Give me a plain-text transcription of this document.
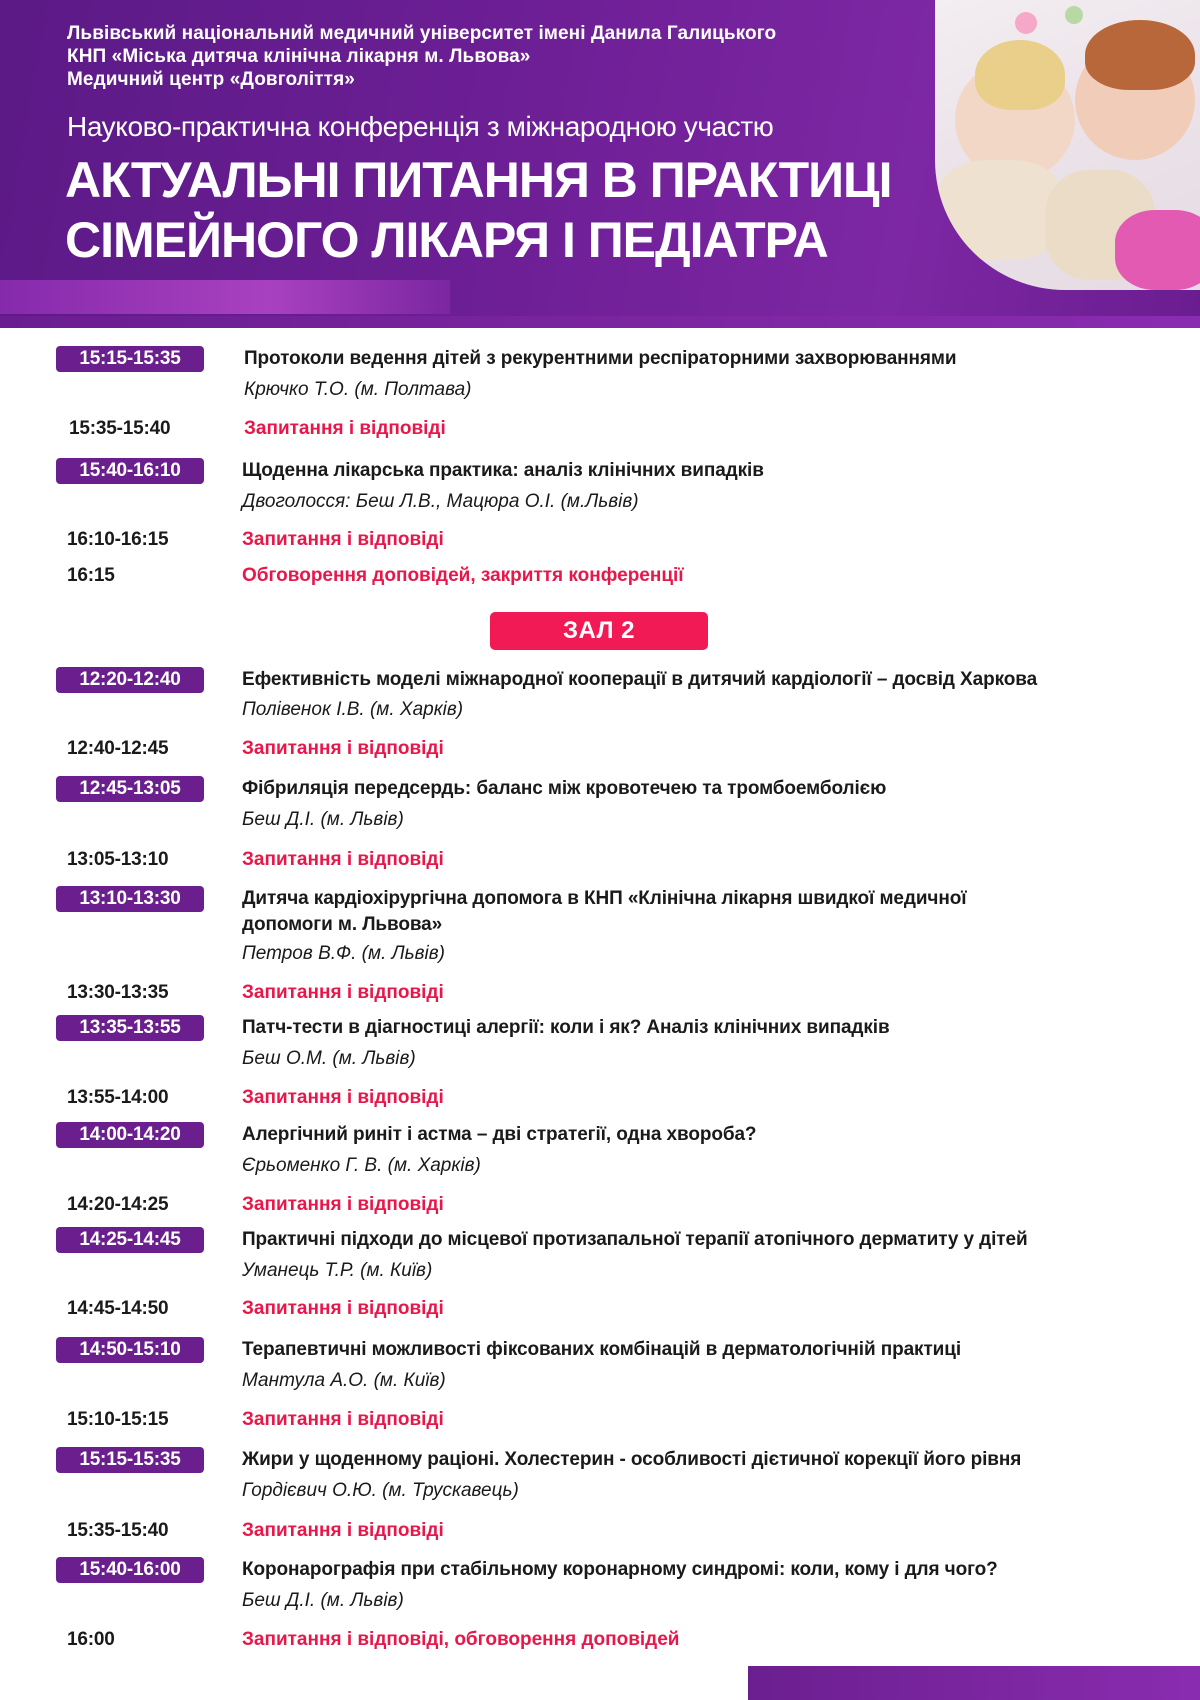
Львівський національний медичний університет імені Данила Галицького
КНП «Міська дитяча клінічна лікарня м. Львова»
Медичний центр «Довголіття»
Науково-практична конференція з міжнародною участю
АКТУАЛЬНІ ПИТАННЯ В ПРАКТИЦІ
СІМЕЙНОГО ЛІКАРЯ І ПЕДІАТРА
15:15-15:35	Протоколи ведення дітей з рекурентними респіраторними захворюваннями
Крючко Т.О. (м. Полтава)
15:35-15:40	Запитання і відповіді
15:40-16:10	Щоденна лікарська практика: аналіз клінічних випадків
Двоголосся: Беш Л.В., Мацюра О.І. (м.Львів)
16:10-16:15	Запитання і відповіді
16:15	Обговорення доповідей, закриття конференції
ЗАЛ 2
12:20-12:40	Ефективність моделі міжнародної кооперації в дитячий кардіології – досвід Харкова
Полівенок І.В. (м. Харків)
12:40-12:45	Запитання і відповіді
12:45-13:05	Фібриляція передсердь: баланс між кровотечею та тромбоемболією
Беш Д.І. (м. Львів)
13:05-13:10	Запитання і відповіді
13:10-13:30	Дитяча кардіохірургічна допомога в КНП «Клінічна лікарня швидкої медичної
допомоги м. Львова»
Петров В.Ф. (м. Львів)
13:30-13:35	Запитання і відповіді
13:35-13:55	Патч-тести в діагностиці алергії: коли і як? Аналіз клінічних випадків
Беш О.М. (м. Львів)
13:55-14:00	Запитання і відповіді
14:00-14:20	Алергічний риніт і астма – дві стратегії, одна хвороба?
Єрьоменко Г. В. (м. Харків)
14:20-14:25	Запитання і відповіді
14:25-14:45	Практичні підходи до місцевої протизапальної терапії атопічного дерматиту у дітей
Уманець Т.Р. (м. Київ)
14:45-14:50	Запитання і відповіді
14:50-15:10	Терапевтичні можливості фіксованих комбінацій в дерматологічній практиці
Мантула А.О. (м. Київ)
15:10-15:15	Запитання і відповіді
15:15-15:35	Жири у щоденному раціоні. Холестерин - особливості дієтичної корекції його рівня
Гордієвич О.Ю. (м. Трускавець)
15:35-15:40	Запитання і відповіді
15:40-16:00	Коронарографія при стабільному коронарному синдромі: коли, кому і для чого?
Беш Д.І. (м. Львів)
16:00	Запитання і відповіді, обговорення доповідей
